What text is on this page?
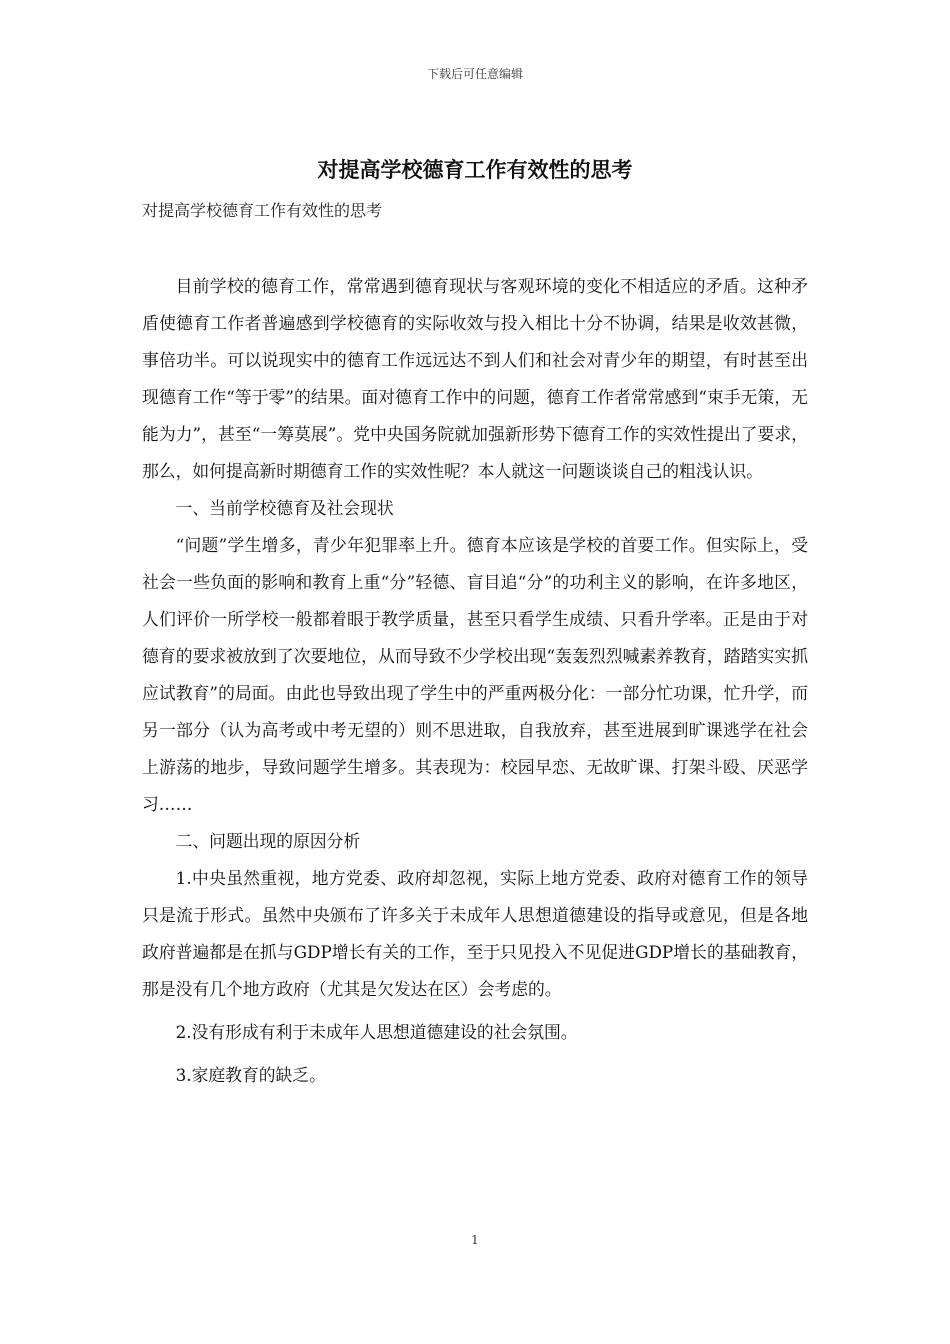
下载后可任意编辑
对提高学校德育工作有效性的思考
对提高学校德育工作有效性的思考

目前学校的德育工作，常常遇到德育现状与客观环境的变化不相适应的矛盾。这种矛盾使德育工作者普遍感到学校德育的实际收效与投入相比十分不协调，结果是收效甚微，事倍功半。可以说现实中的德育工作远远达不到人们和社会对青少年的期望，有时甚至出现德育工作“等于零”的结果。面对德育工作中的问题，德育工作者常常感到“束手无策，无能为力”，甚至“一筹莫展”。党中央国务院就加强新形势下德育工作的实效性提出了要求，那么，如何提高新时期德育工作的实效性呢？本人就这一问题谈谈自己的粗浅认识。

一、当前学校德育及社会现状

“问题”学生增多，青少年犯罪率上升。德育本应该是学校的首要工作。但实际上，受社会一些负面的影响和教育上重“分”轻德、盲目追“分”的功利主义的影响，在许多地区，人们评价一所学校一般都着眼于教学质量，甚至只看学生成绩、只看升学率。正是由于对德育的要求被放到了次要地位，从而导致不少学校出现“轰轰烈烈喊素养教育，踏踏实实抓应试教育”的局面。由此也导致出现了学生中的严重两极分化：一部分忙功课，忙升学，而另一部分（认为高考或中考无望的）则不思进取，自我放弃，甚至进展到旷课逃学在社会上游荡的地步，导致问题学生增多。其表现为：校园早恋、无故旷课、打架斗殴、厌恶学习……

二、问题出现的原因分析

1.中央虽然重视，地方党委、政府却忽视，实际上地方党委、政府对德育工作的领导只是流于形式。虽然中央颁布了许多关于未成年人思想道德建设的指导或意见，但是各地政府普遍都是在抓与GDP增长有关的工作，至于只见投入不见促进GDP增长的基础教育，那是没有几个地方政府（尤其是欠发达在区）会考虑的。

2.没有形成有利于未成年人思想道德建设的社会氛围。

3.家庭教育的缺乏。

1
